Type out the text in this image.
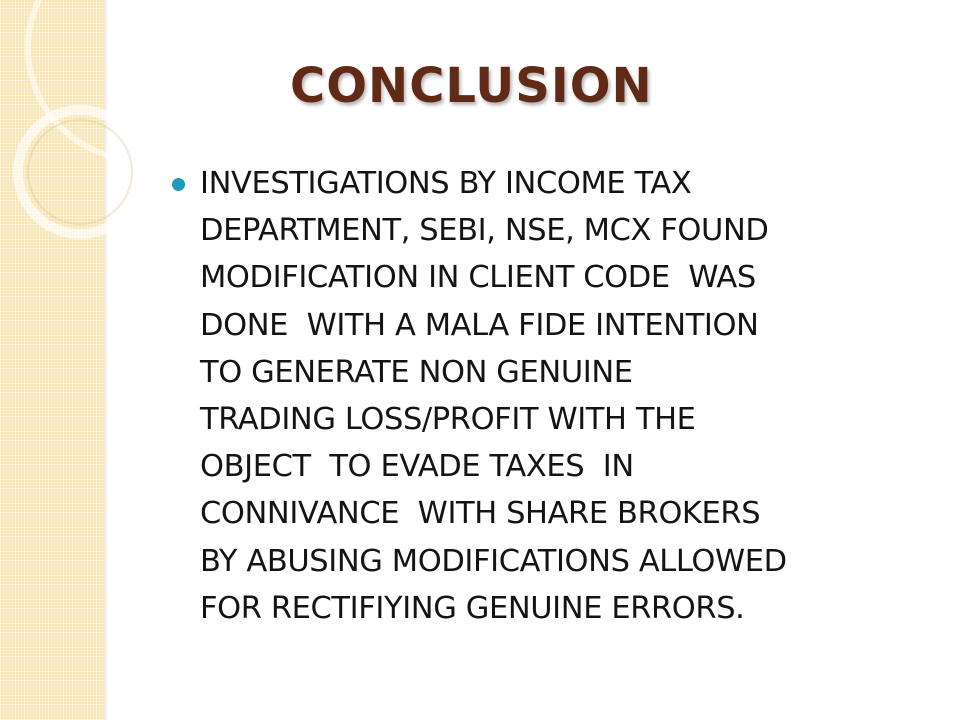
CONCLUSION

INVESTIGATIONS BY INCOME TAX
DEPARTMENT, SEBI, NSE, MCX FOUND
MODIFICATION IN CLIENT CODE  WAS
DONE  WITH A MALA FIDE INTENTION
TO GENERATE NON GENUINE
TRADING LOSS/PROFIT WITH THE
OBJECT  TO EVADE TAXES  IN
CONNIVANCE  WITH SHARE BROKERS
BY ABUSING MODIFICATIONS ALLOWED
FOR RECTIFIYING GENUINE ERRORS.
